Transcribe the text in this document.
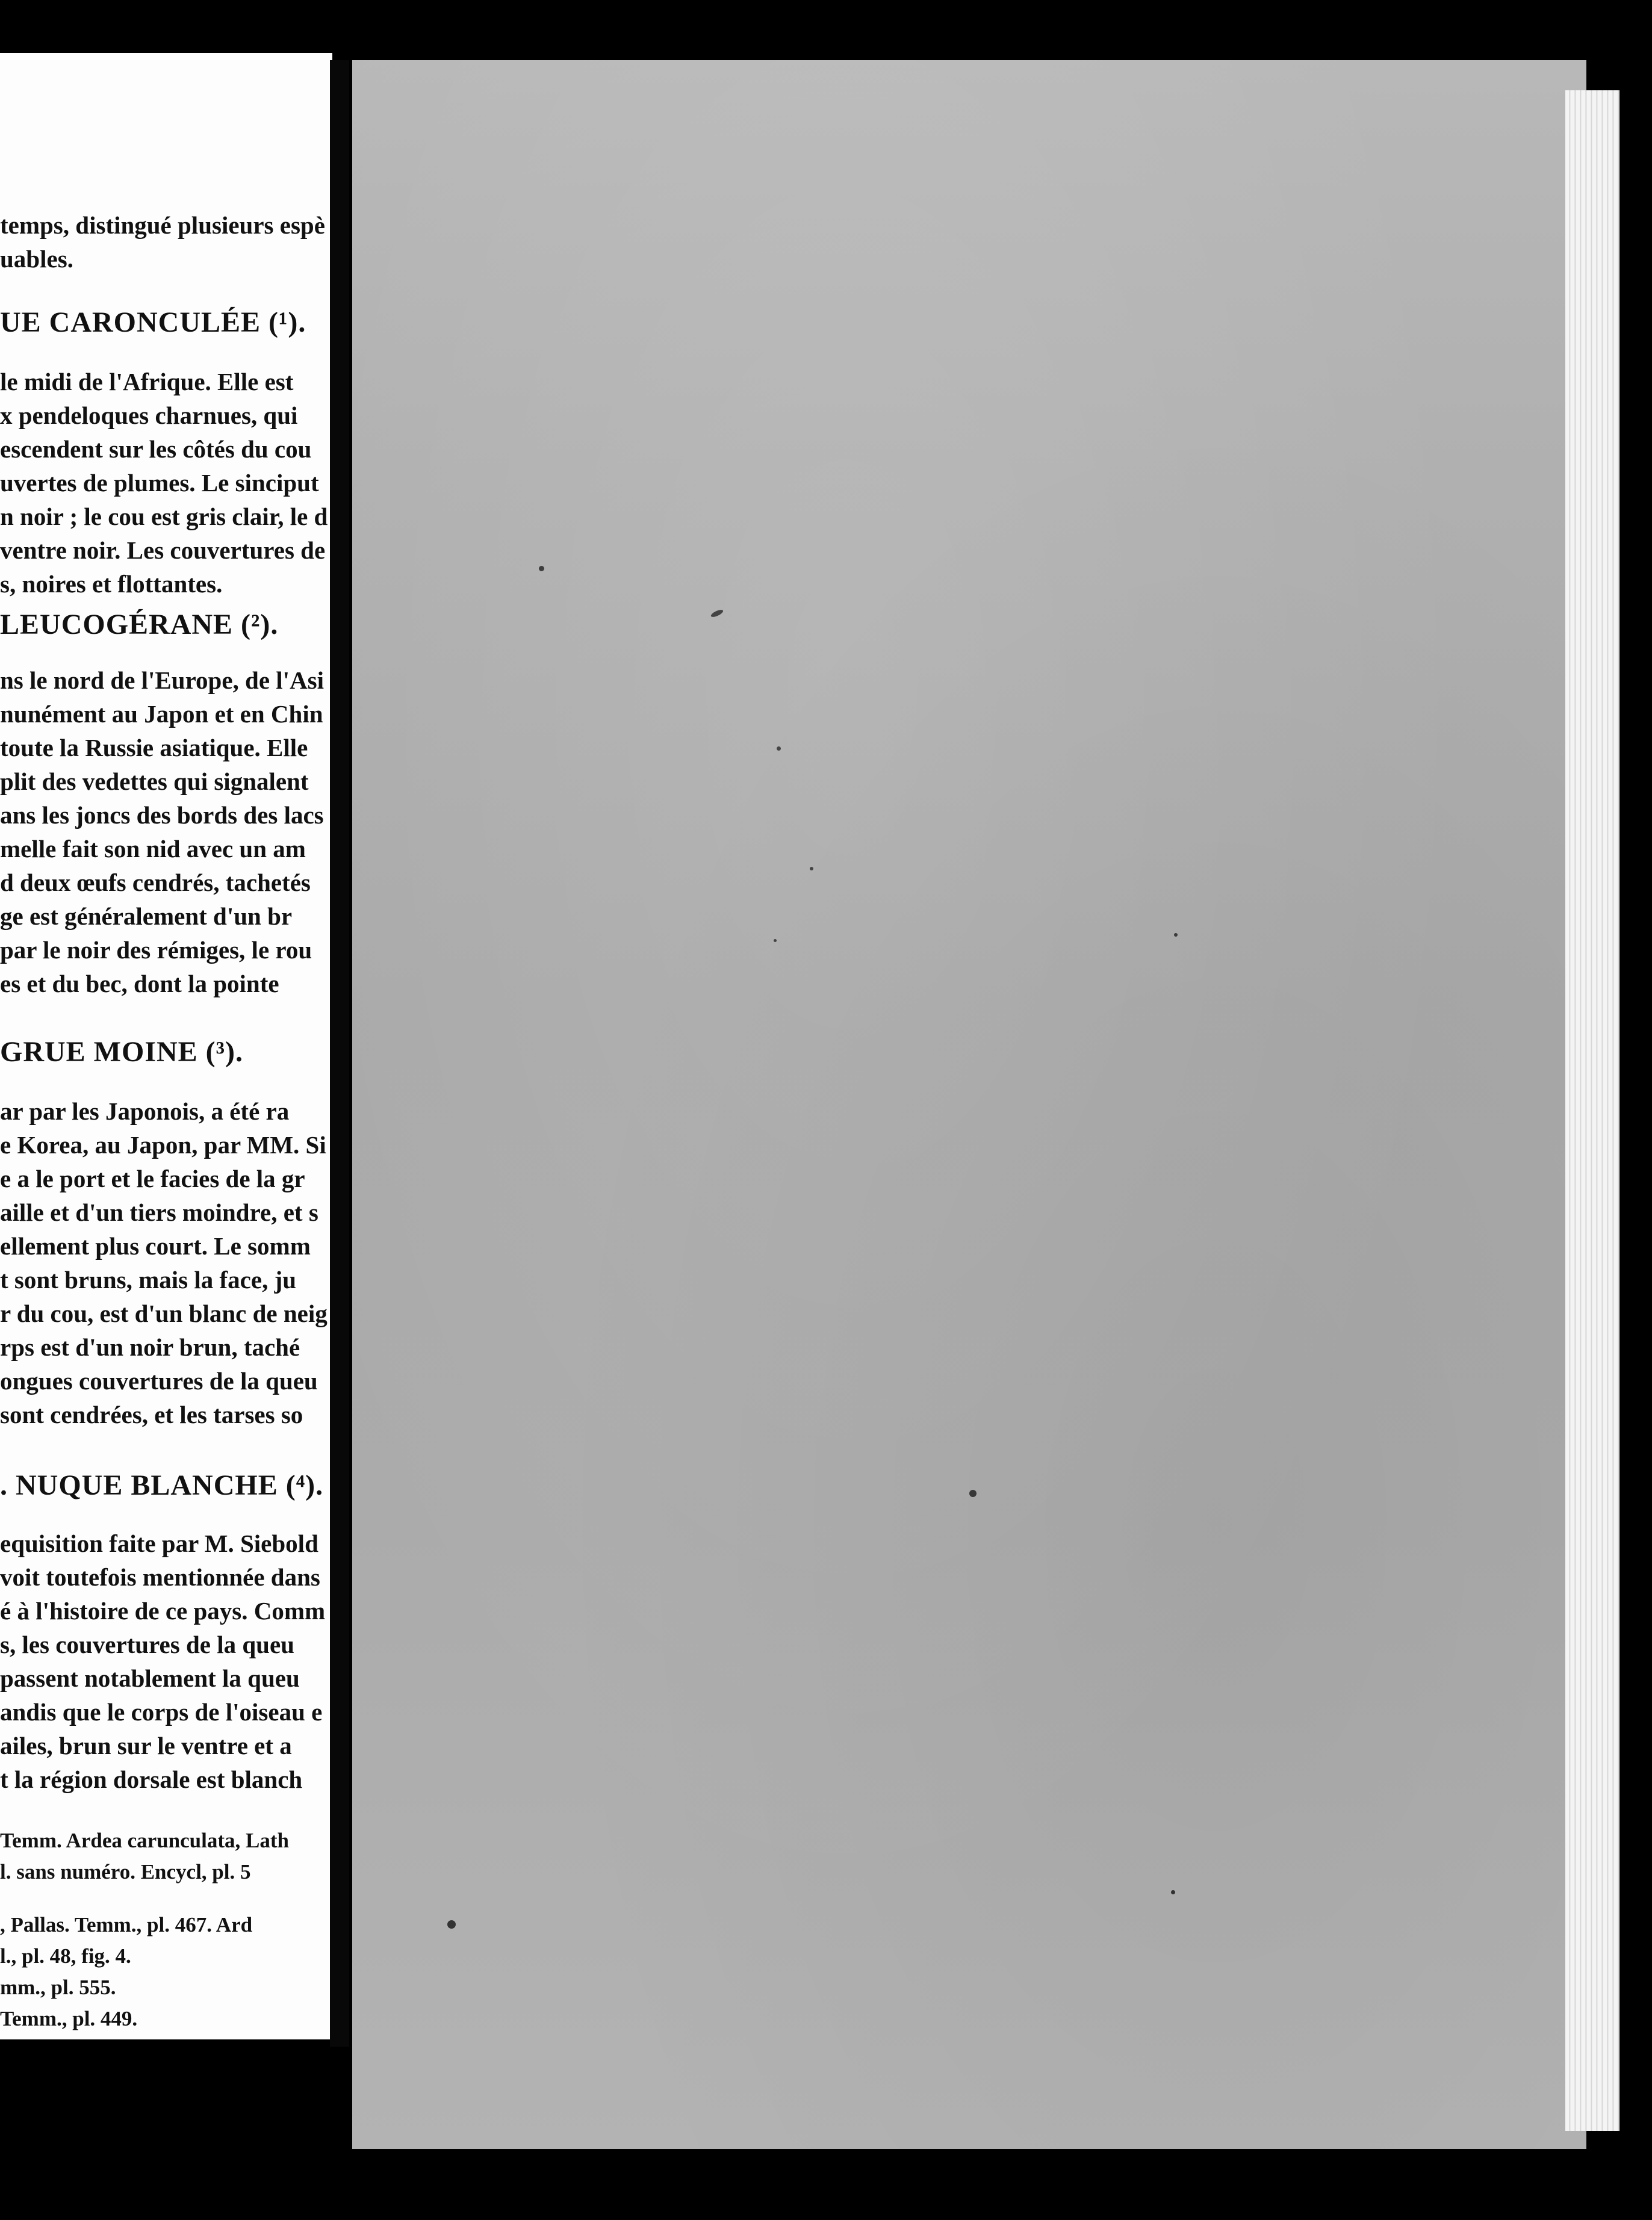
temps, distingué plusieurs espè
uables.
UE CARONCULÉE (¹).
le midi de l'Afrique. Elle est
x pendeloques charnues, qui
escendent sur les côtés du cou
uvertes de plumes. Le sinciput
n noir ; le cou est gris clair, le d
ventre noir. Les couvertures de
s, noires et flottantes.
LEUCOGÉRANE (²).
ns le nord de l'Europe, de l'Asi
nunément au Japon et en Chin
toute la Russie asiatique. Elle
plit des vedettes qui signalent
ans les joncs des bords des lacs
melle fait son nid avec un am
d deux œufs cendrés, tachetés
ge est généralement d'un br
par le noir des rémiges, le rou
es et du bec, dont la pointe
GRUE MOINE (³).
ar par les Japonois, a été ra
e Korea, au Japon, par MM. Si
e a le port et le facies de la gr
aille et d'un tiers moindre, et s
ellement plus court. Le somm
t sont bruns, mais la face, ju
r du cou, est d'un blanc de neig
rps est d'un noir brun, taché
ongues couvertures de la queu
sont cendrées, et les tarses so
. NUQUE BLANCHE (⁴).
equisition faite par M. Siebold
voit toutefois mentionnée dans
é à l'histoire de ce pays. Comm
s, les couvertures de la queu
passent notablement la queu
andis que le corps de l'oiseau e
ailes, brun sur le ventre et a
t la région dorsale est blanch
Temm. Ardea carunculata, Lath
l. sans numéro. Encycl, pl. 5
, Pallas. Temm., pl. 467. Ard
l., pl. 48, fig. 4.
mm., pl. 555.
Temm., pl. 449.
